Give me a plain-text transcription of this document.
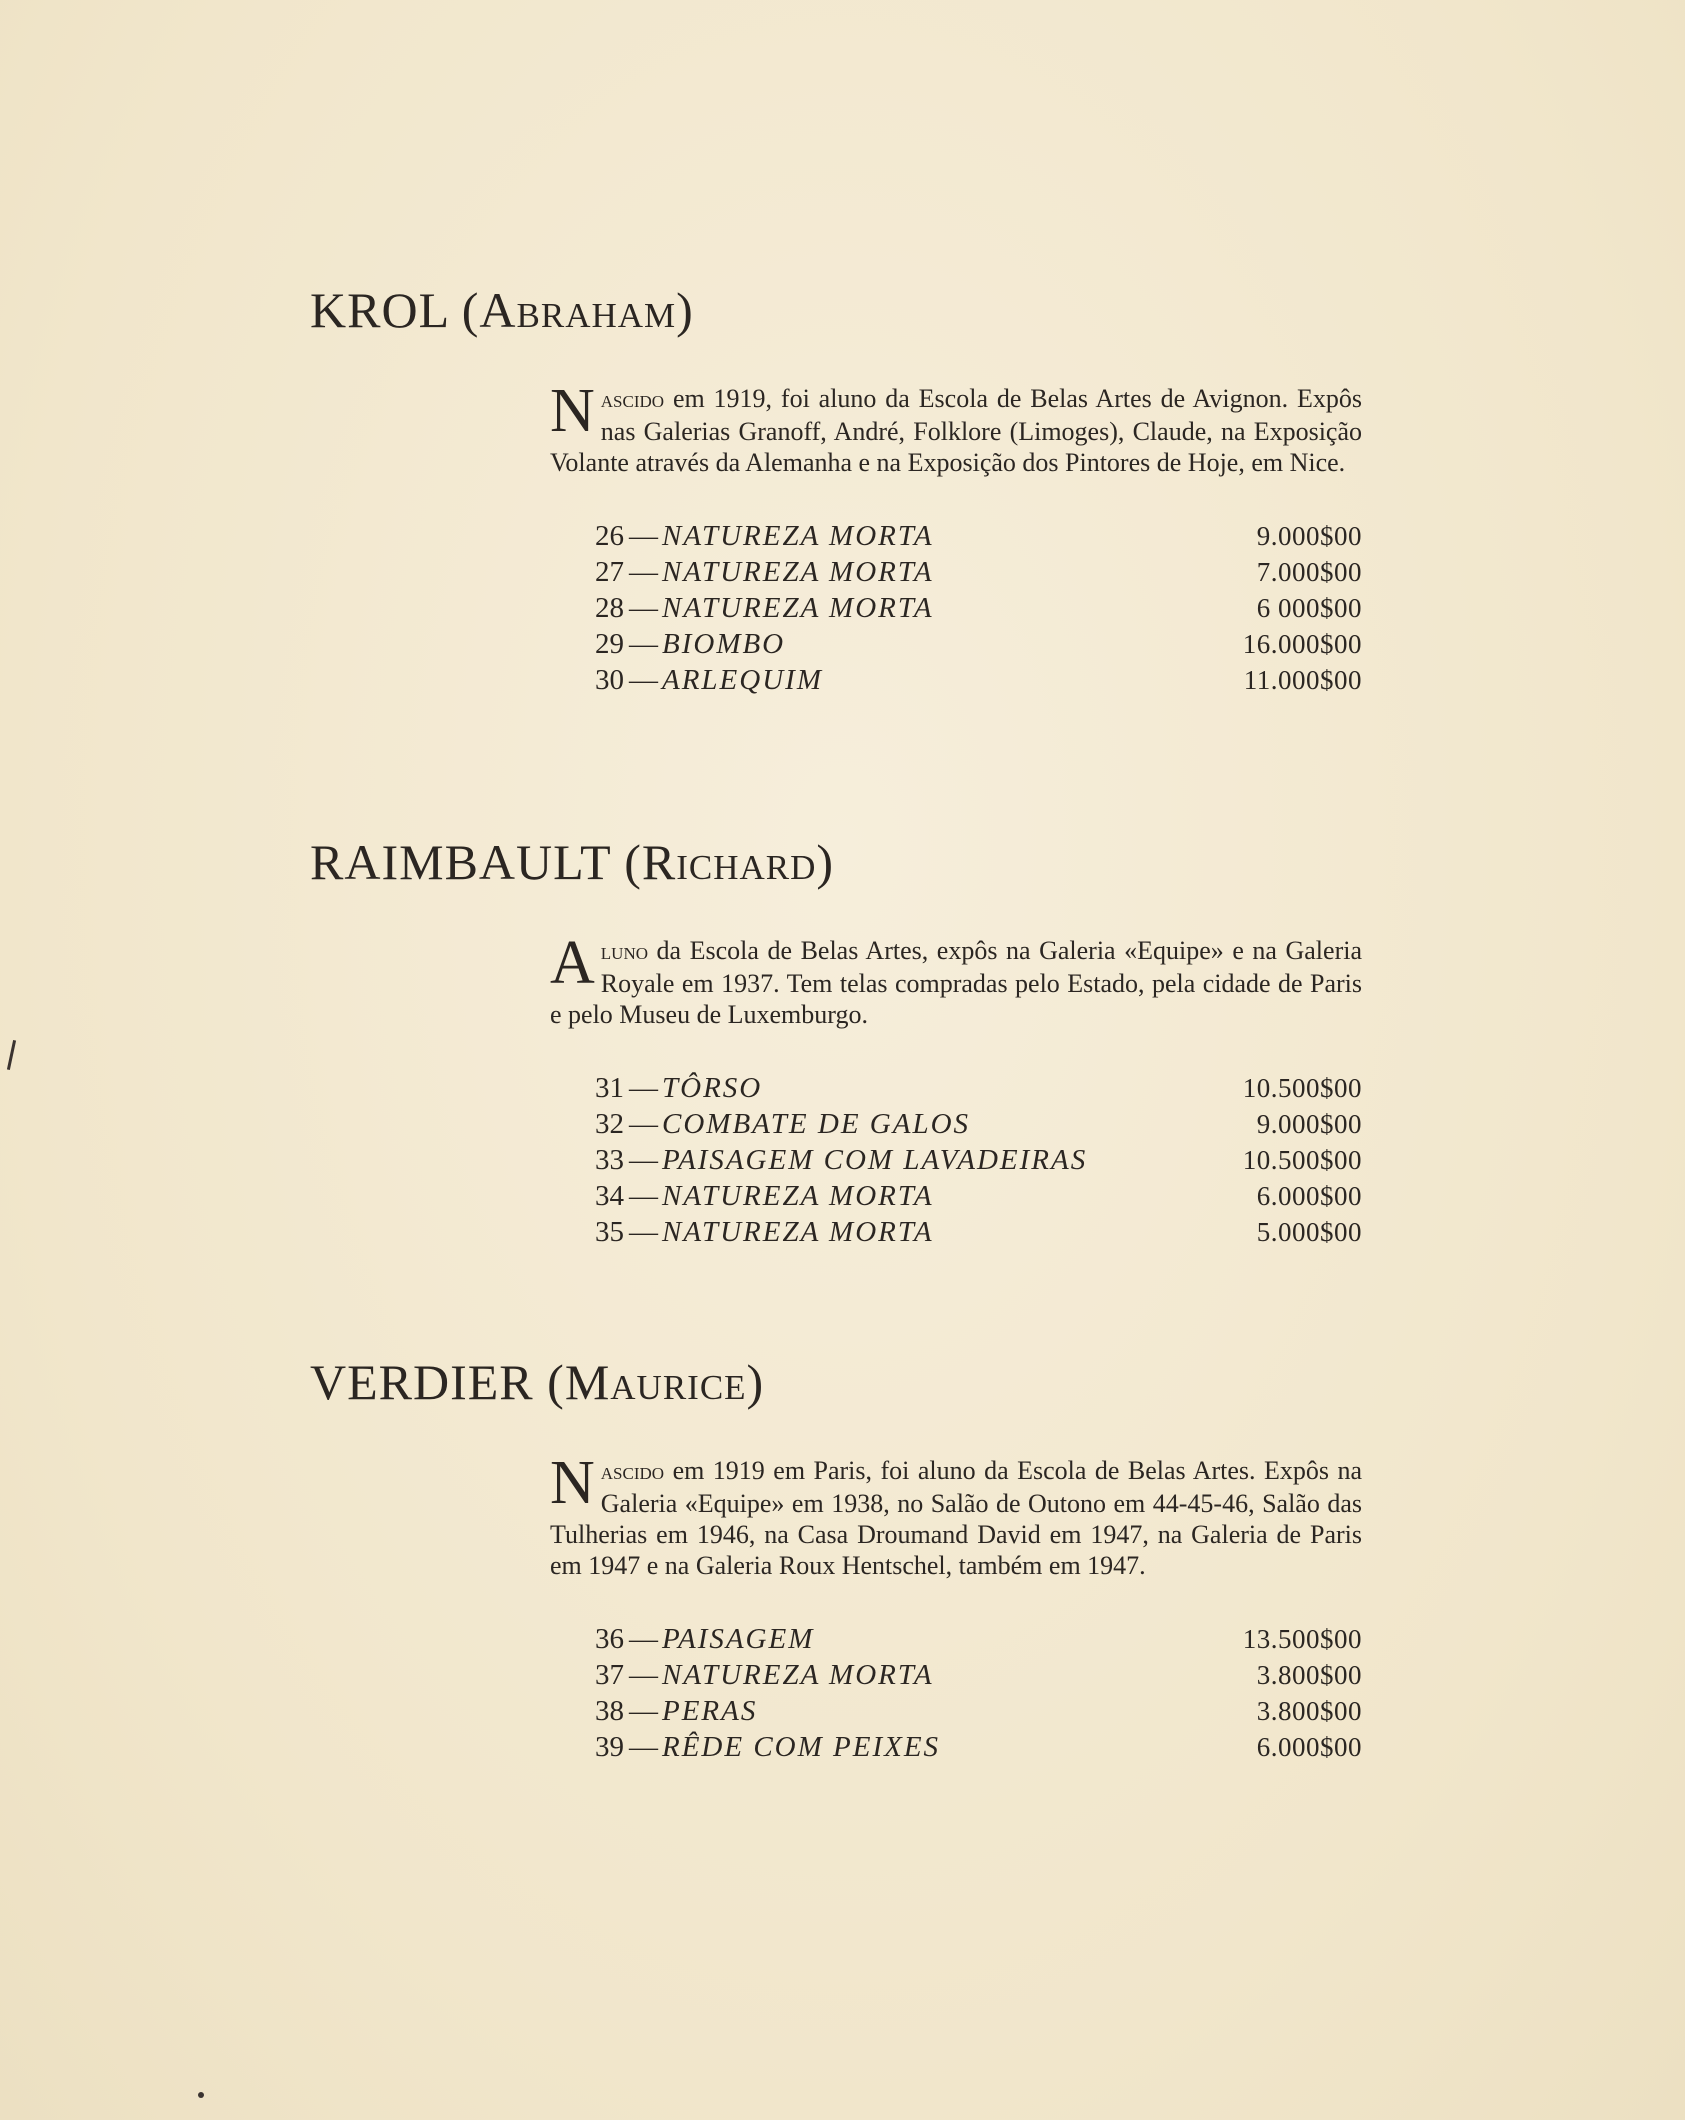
KROL (Abraham)

Nascido em 1919, foi aluno da Escola de Belas Artes de Avignon. Expôs nas Galerias Granoff, André, Folklore (Limoges), Claude, na Exposição Volante através da Alemanha e na Exposição dos Pintores de Hoje, em Nice.

26 — NATUREZA MORTA	9.000$00
27 — NATUREZA MORTA	7.000$00
28 — NATUREZA MORTA	6 000$00
29 — BIOMBO	16.000$00
30 — ARLEQUIM	11.000$00
RAIMBAULT (Richard)

Aluno da Escola de Belas Artes, expôs na Galeria «Equipe» e na Galeria Royale em 1937. Tem telas compradas pelo Estado, pela cidade de Paris e pelo Museu de Luxemburgo.

31 — TÔRSO	10.500$00
32 — COMBATE DE GALOS	9.000$00
33 — PAISAGEM COM LAVADEIRAS	10.500$00
34 — NATUREZA MORTA	6.000$00
35 — NATUREZA MORTA	5.000$00
VERDIER (Maurice)

Nascido em 1919 em Paris, foi aluno da Escola de Belas Artes. Expôs na Galeria «Equipe» em 1938, no Salão de Outono em 44-45-46, Salão das Tulherias em 1946, na Casa Droumand David em 1947, na Galeria de Paris em 1947 e na Galeria Roux Hentschel, também em 1947.

36 — PAISAGEM	13.500$00
37 — NATUREZA MORTA	3.800$00
38 — PERAS	3.800$00
39 — RÊDE COM PEIXES	6.000$00
